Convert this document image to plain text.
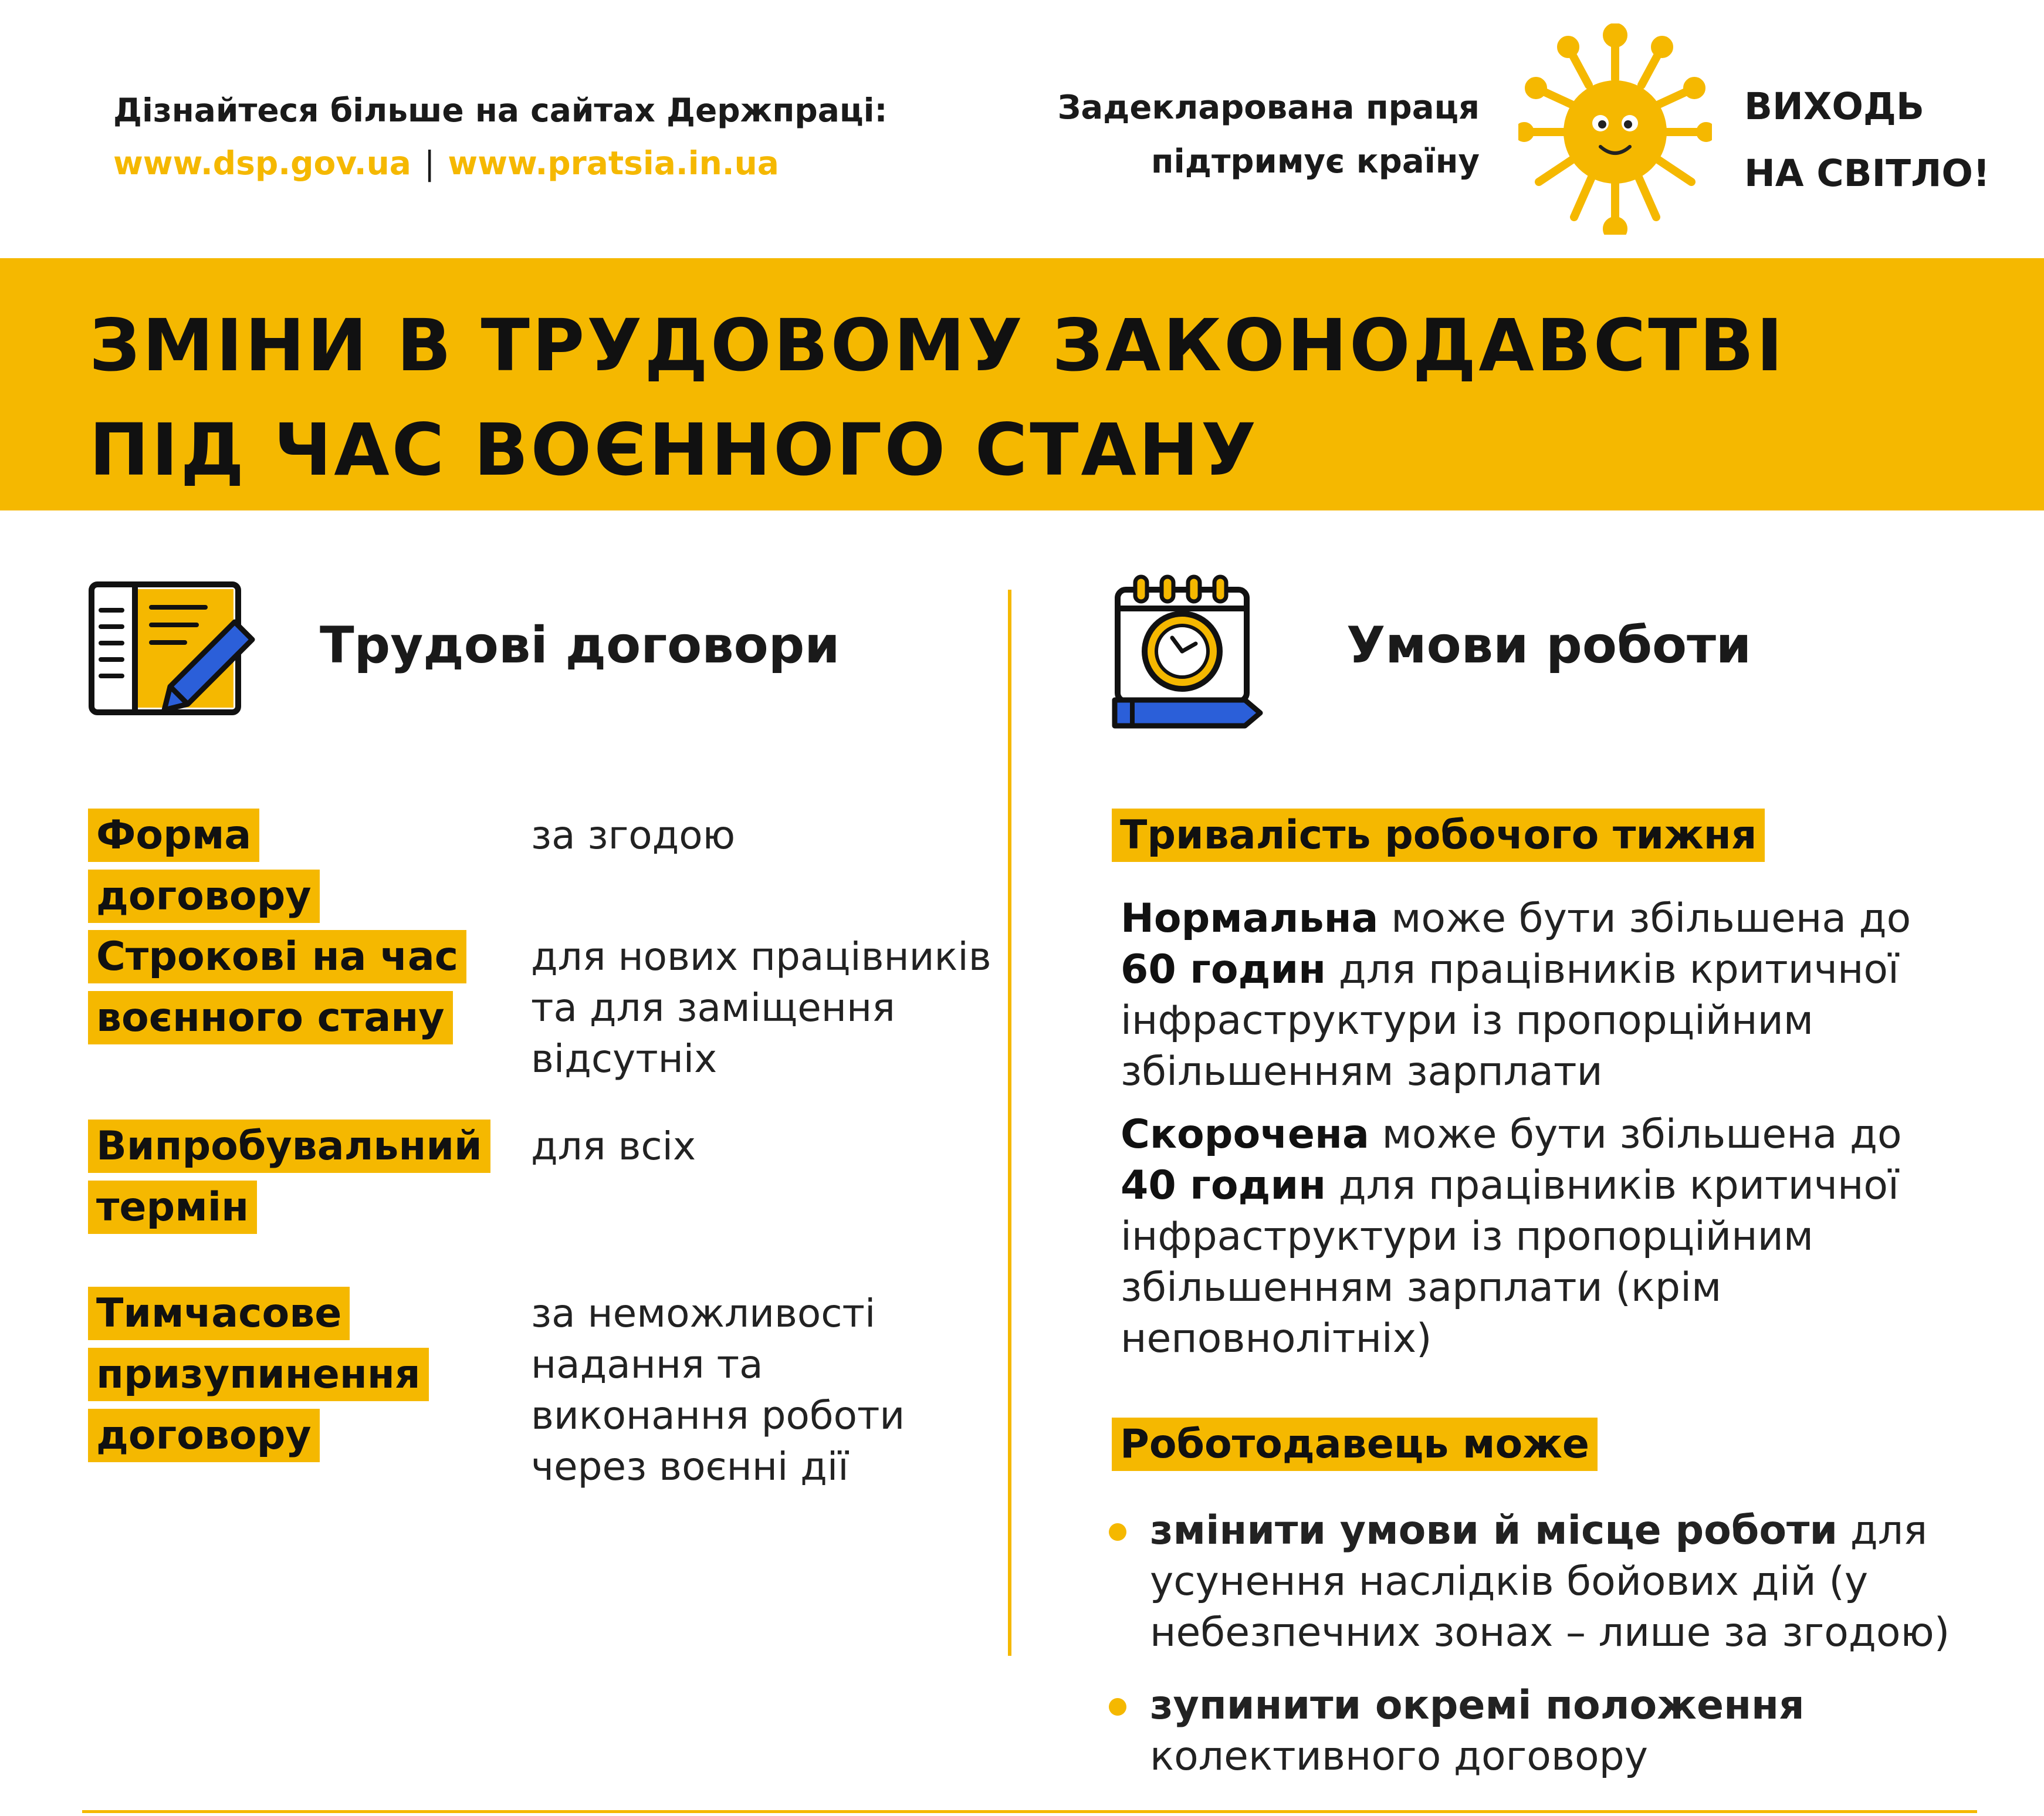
Дізнайтеся більше на сайтах Держпраці:
www.dsp.gov.ua | www.pratsia.in.ua
Задекларована праця
підтримує країну
ВИХОДЬ
НА СВІТЛО!
ЗМІНИ В ТРУДОВОМУ ЗАКОНОДАВСТВІ
ПІД ЧАС ВОЄННОГО СТАНУ
Трудові договори
Форма договору
за згодою
Строкові на час воєнного стану
для нових працівників та для заміщення відсутніх
Випробувальний термін
для всіх
Тимчасове призупинення договору
за неможливості надання та виконання роботи через воєнні дії
Умови роботи
Тривалість робочого тижня
Нормальна може бути збільшена до 60 годин для працівників критичної інфраструктури із пропорційним збільшенням зарплати
Скорочена може бути збільшена до 40 годин для працівників критичної інфраструктури із пропорційним збільшенням зарплати (крім неповнолітніх)
Роботодавець може
змінити умови й місце роботи для усунення наслідків бойових дій (у небезпечних зонах – лише за згодою)
зупинити окремі положення колективного договору
